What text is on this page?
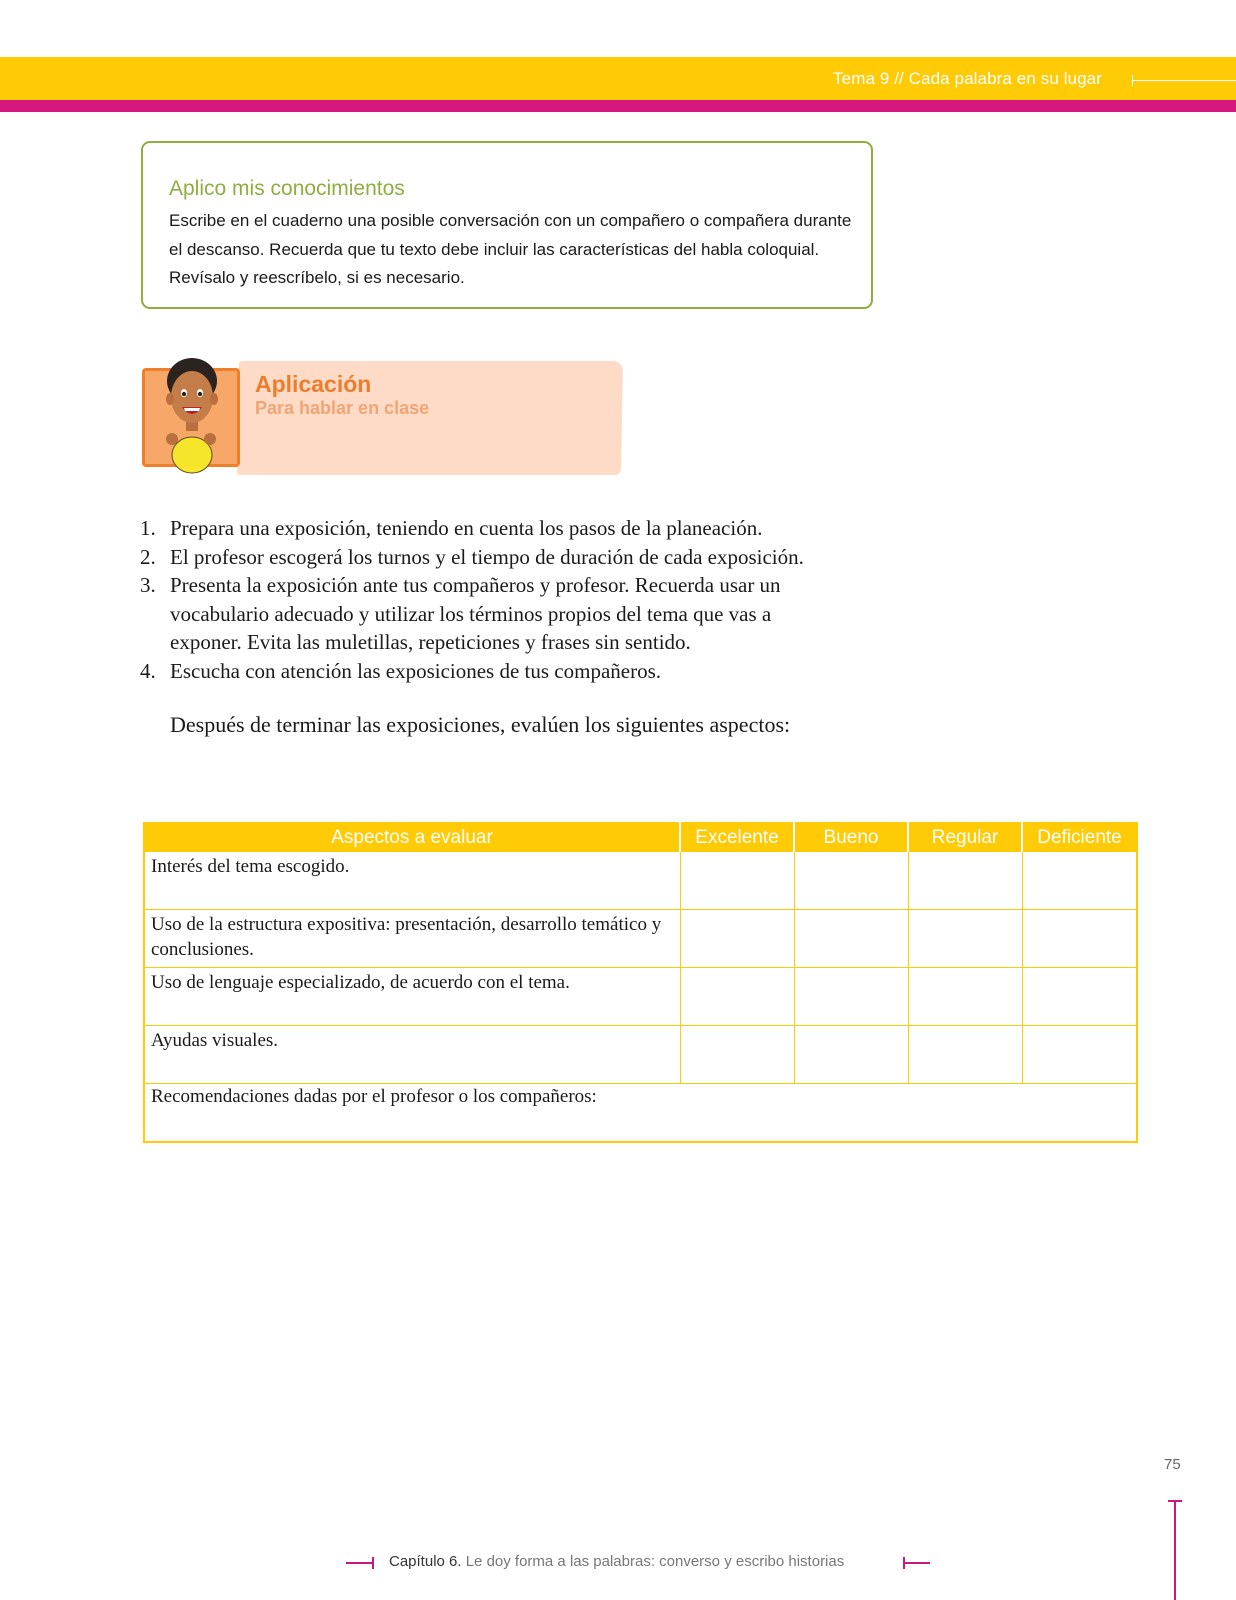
Tema 9 // Cada palabra en su lugar
Aplico mis conocimientos
Escribe en el cuaderno una posible conversación con un compañero o compañera durante
el descanso. Recuerda que tu texto debe incluir las características del habla coloquial.
Revísalo y reescríbelo, si es necesario.
Aplicación
Para hablar en clase
1. Prepara una exposición, teniendo en cuenta los pasos de la planeación.
2. El profesor escogerá los turnos y el tiempo de duración de cada exposición.
3. Presenta la exposición ante tus compañeros y profesor. Recuerda usar un
vocabulario adecuado y utilizar los términos propios del tema que vas a
exponer. Evita las muletillas, repeticiones y frases sin sentido.
4. Escucha con atención las exposiciones de tus compañeros.
Después de terminar las exposiciones, evalúen los siguientes aspectos:
Aspectos a evaluar	Excelente	Bueno	Regular	Deficiente
Interés del tema escogido.				
Uso de la estructura expositiva: presentación, desarrollo temático y conclusiones.				
Uso de lenguaje especializado, de acuerdo con el tema.				
Ayudas visuales.				
Recomendaciones dadas por el profesor o los compañeros:				
75
Capítulo 6. Le doy forma a las palabras: converso y escribo historias
